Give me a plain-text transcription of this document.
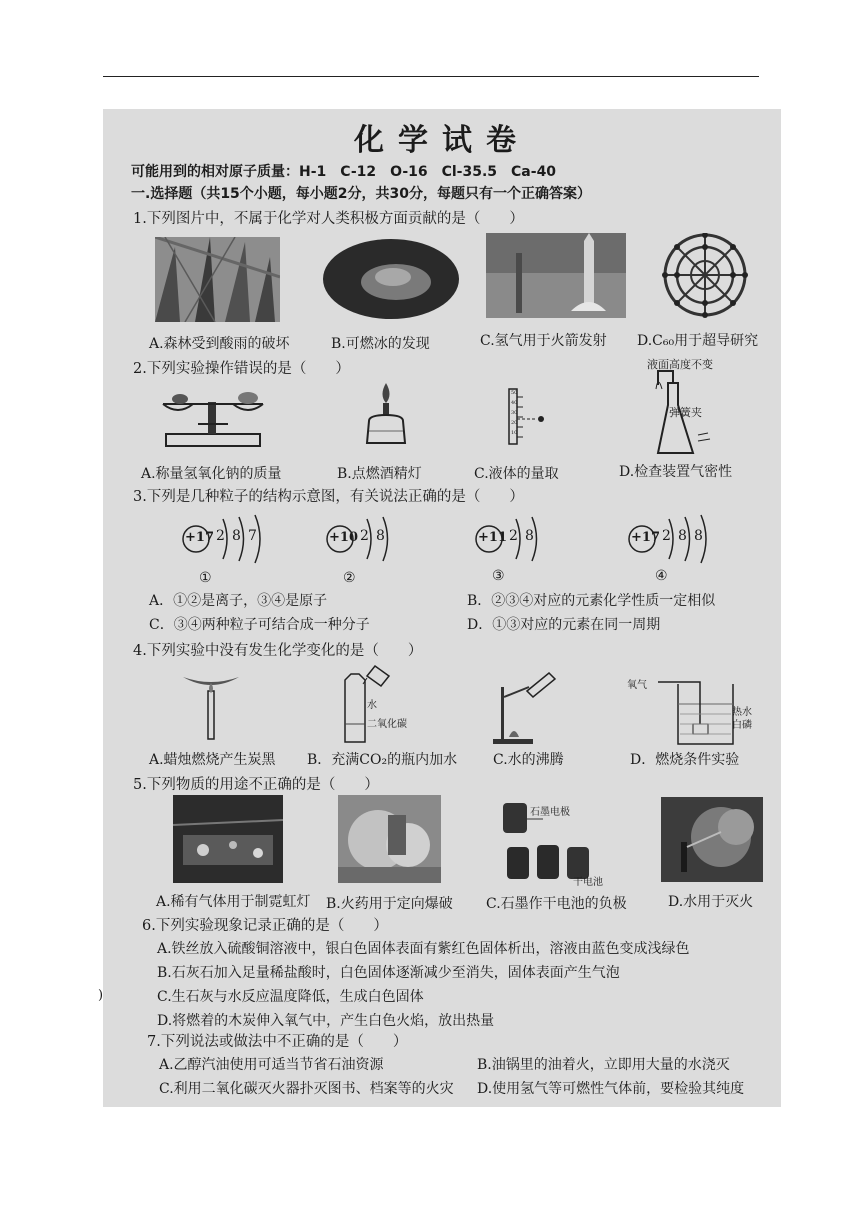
化学试卷
可能用到的相对原子质量：H-1　C-12　O-16　Cl-35.5　Ca-40
一.选择题（共15个小题，每小题2分，共30分，每题只有一个正确答案）
1.下列图片中，不属于化学对人类积极方面贡献的是（　　）
A.森林受到酸雨的破坏	B.可燃冰的发现	C.氢气用于火箭发射 D.C₆₀用于超导研究
2.下列实验操作错误的是（　　）
50
40
30
20
10
液面高度不变
弹簧夹
A.称量氢氧化钠的质量	B.点燃酒精灯	C.液体的量取	D.检查装置气密性
3.下列是几种粒子的结构示意图，有关说法正确的是（　　）
+17 2 8 7
①
+10 2 8
②
+11 2 8
③
+17 2 8 8
④
A．①②是离子，③④是原子	B．②③④对应的元素化学性质一定相似
C．③④两种粒子可结合成一种分子	D．①③对应的元素在同一周期
4.下列实验中没有发生化学变化的是（　　）
水
二氧化碳
氧气
热水
白磷
A.蜡烛燃烧产生炭黑 B．充满CO₂的瓶内加水	C.水的沸腾	D．燃烧条件实验
5.下列物质的用途不正确的是（　　）
石墨电极
干电池
A.稀有气体用于制霓虹灯 B.火药用于定向爆破 C.石墨作干电池的负极	D.水用于灭火
6.下列实验现象记录正确的是（　　）
A.铁丝放入硫酸铜溶液中，银白色固体表面有紫红色固体析出，溶液由蓝色变成浅绿色
B.石灰石加入足量稀盐酸时，白色固体逐渐减少至消失，固体表面产生气泡
C.生石灰与水反应温度降低，生成白色固体
D.将燃着的木炭伸入氧气中，产生白色火焰，放出热量
7.下列说法或做法中不正确的是（　　）
A.乙醇汽油使用可适当节省石油资源	B.油锅里的油着火，立即用大量的水浇灭
C.利用二氧化碳灭火器扑灭图书、档案等的火灾 D.使用氢气等可燃性气体前，要检验其纯度
)
